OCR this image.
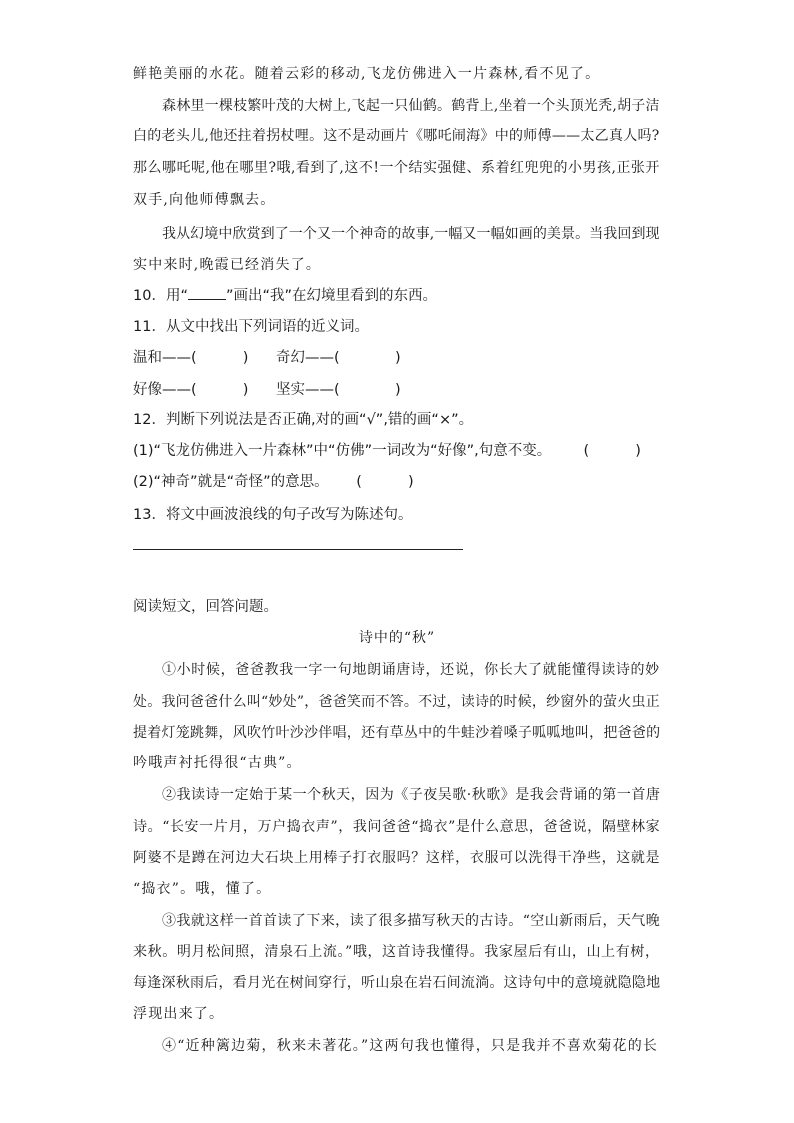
鲜艳美丽的水花。随着云彩的移动,飞龙仿佛进入一片森林,看不见了。
森林里一棵枝繁叶茂的大树上,飞起一只仙鹤。鹤背上,坐着一个头顶光秃,胡子洁
白的老头儿,他还拄着拐杖哩。这不是动画片《哪吒闹海》中的师傅——太乙真人吗?
那么哪吒呢,他在哪里?哦,看到了,这不!一个结实强健、系着红兜兜的小男孩,正张开
双手,向他师傅飘去。
我从幻境中欣赏到了一个又一个神奇的故事,一幅又一幅如画的美景。当我回到现
实中来时,晚霞已经消失了。
10．用“	”画出“我”在幻境里看到的东西。
11．从文中找出下列词语的近义词。
温和——(          )      奇幻——(            )
好像——(          )      坚实——(            )
12．判断下列说法是否正确,对的画“√”,错的画“×”。
(1)“飞龙仿佛进入一片森林”中“仿佛”一词改为“好像”,句意不变。       (          )
(2)“神奇”就是“奇怪”的意思。      (          )
13．将文中画波浪线的句子改写为陈述句。
阅读短文，回答问题。
诗中的“秋”
①小时候，爸爸教我一字一句地朗诵唐诗，还说，你长大了就能懂得读诗的妙
处。我问爸爸什么叫“妙处”，爸爸笑而不答。不过，读诗的时候，纱窗外的萤火虫正
提着灯笼跳舞，风吹竹叶沙沙伴唱，还有草丛中的牛蛙沙着嗓子呱呱地叫，把爸爸的
吟哦声衬托得很“古典”。
②我读诗一定始于某一个秋天，因为《子夜吴歌·秋歌》是我会背诵的第一首唐
诗。“长安一片月，万户捣衣声”，我问爸爸“捣衣”是什么意思，爸爸说，隔壁林家
阿婆不是蹲在河边大石块上用棒子打衣服吗？这样，衣服可以洗得干净些，这就是
“捣衣”。哦，懂了。
③我就这样一首首读了下来，读了很多描写秋天的古诗。“空山新雨后，天气晚
来秋。明月松间照，清泉石上流。”哦，这首诗我懂得。我家屋后有山，山上有树，
每逢深秋雨后，看月光在树间穿行，听山泉在岩石间流淌。这诗句中的意境就隐隐地
浮现出来了。
④“近种篱边菊，秋来未著花。”这两句我也懂得，只是我并不喜欢菊花的长
